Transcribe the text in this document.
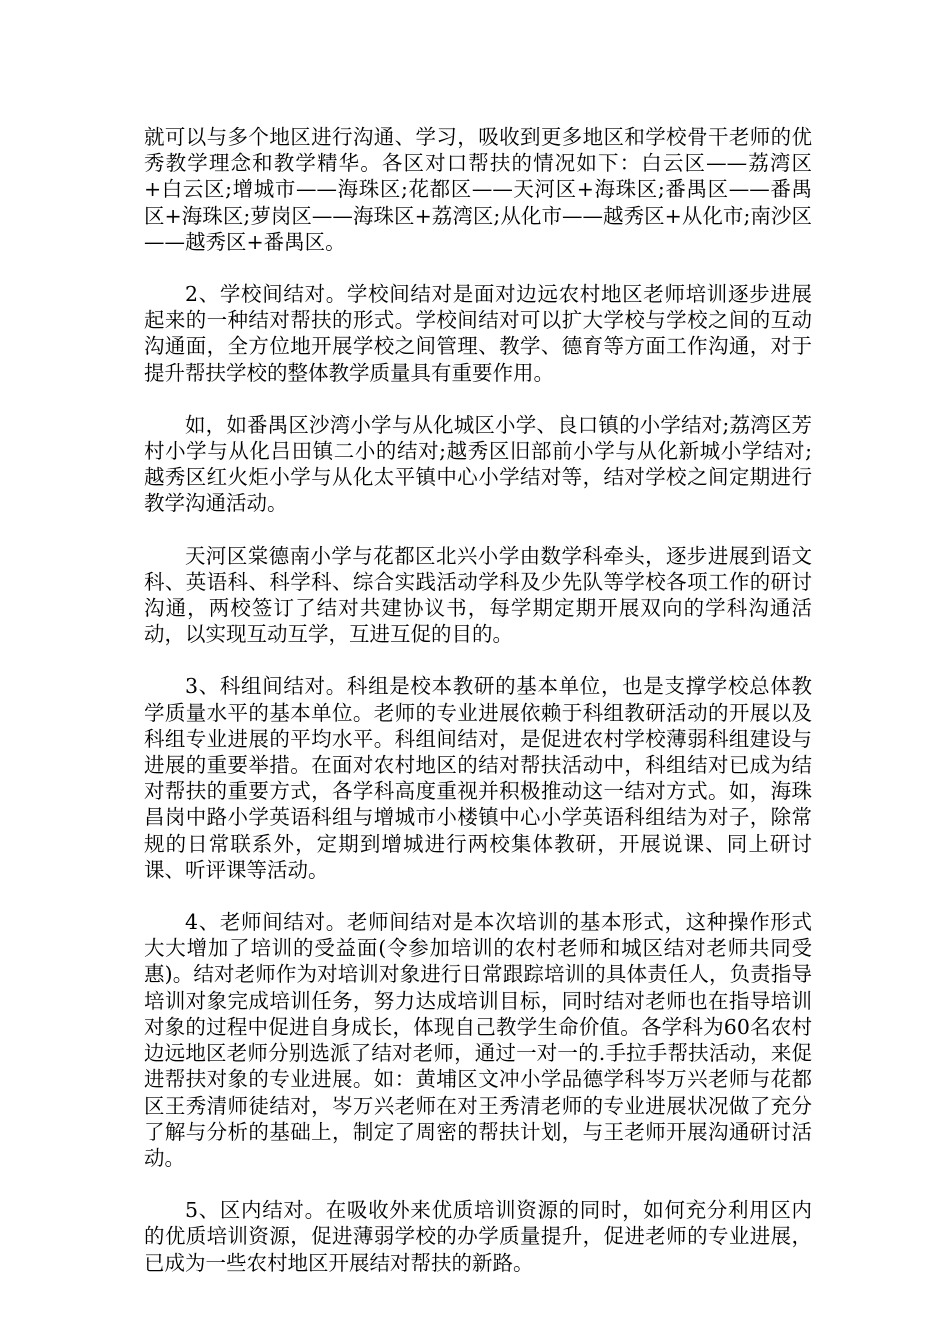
就可以与多个地区进行沟通、学习，吸收到更多地区和学校骨干老师的优秀教学理念和教学精华。各区对口帮扶的情况如下：白云区——荔湾区+白云区;增城市——海珠区;花都区——天河区+海珠区;番禺区——番禺区+海珠区;萝岗区——海珠区+荔湾区;从化市——越秀区+从化市;南沙区——越秀区+番禺区。

2、学校间结对。学校间结对是面对边远农村地区老师培训逐步进展起来的一种结对帮扶的形式。学校间结对可以扩大学校与学校之间的互动沟通面，全方位地开展学校之间管理、教学、德育等方面工作沟通，对于提升帮扶学校的整体教学质量具有重要作用。

如，如番禺区沙湾小学与从化城区小学、良口镇的小学结对;荔湾区芳村小学与从化吕田镇二小的结对;越秀区旧部前小学与从化新城小学结对;越秀区红火炬小学与从化太平镇中心小学结对等，结对学校之间定期进行教学沟通活动。

天河区棠德南小学与花都区北兴小学由数学科牵头，逐步进展到语文科、英语科、科学科、综合实践活动学科及少先队等学校各项工作的研讨沟通，两校签订了结对共建协议书，每学期定期开展双向的学科沟通活动，以实现互动互学，互进互促的目的。

3、科组间结对。科组是校本教研的基本单位，也是支撑学校总体教学质量水平的基本单位。老师的专业进展依赖于科组教研活动的开展以及科组专业进展的平均水平。科组间结对，是促进农村学校薄弱科组建设与进展的重要举措。在面对农村地区的结对帮扶活动中，科组结对已成为结对帮扶的重要方式，各学科高度重视并积极推动这一结对方式。如，海珠昌岗中路小学英语科组与增城市小楼镇中心小学英语科组结为对子，除常规的日常联系外，定期到增城进行两校集体教研，开展说课、同上研讨课、听评课等活动。

4、老师间结对。老师间结对是本次培训的基本形式，这种操作形式大大增加了培训的受益面(令参加培训的农村老师和城区结对老师共同受惠)。结对老师作为对培训对象进行日常跟踪培训的具体责任人，负责指导培训对象完成培训任务，努力达成培训目标，同时结对老师也在指导培训对象的过程中促进自身成长，体现自己教学生命价值。各学科为60名农村边远地区老师分别选派了结对老师，通过一对一的.手拉手帮扶活动，来促进帮扶对象的专业进展。如：黄埔区文冲小学品德学科岑万兴老师与花都区王秀清师徒结对，岑万兴老师在对王秀清老师的专业进展状况做了充分了解与分析的基础上，制定了周密的帮扶计划，与王老师开展沟通研讨活动。

5、区内结对。在吸收外来优质培训资源的同时，如何充分利用区内的优质培训资源，促进薄弱学校的办学质量提升，促进老师的专业进展，已成为一些农村地区开展结对帮扶的新路。
